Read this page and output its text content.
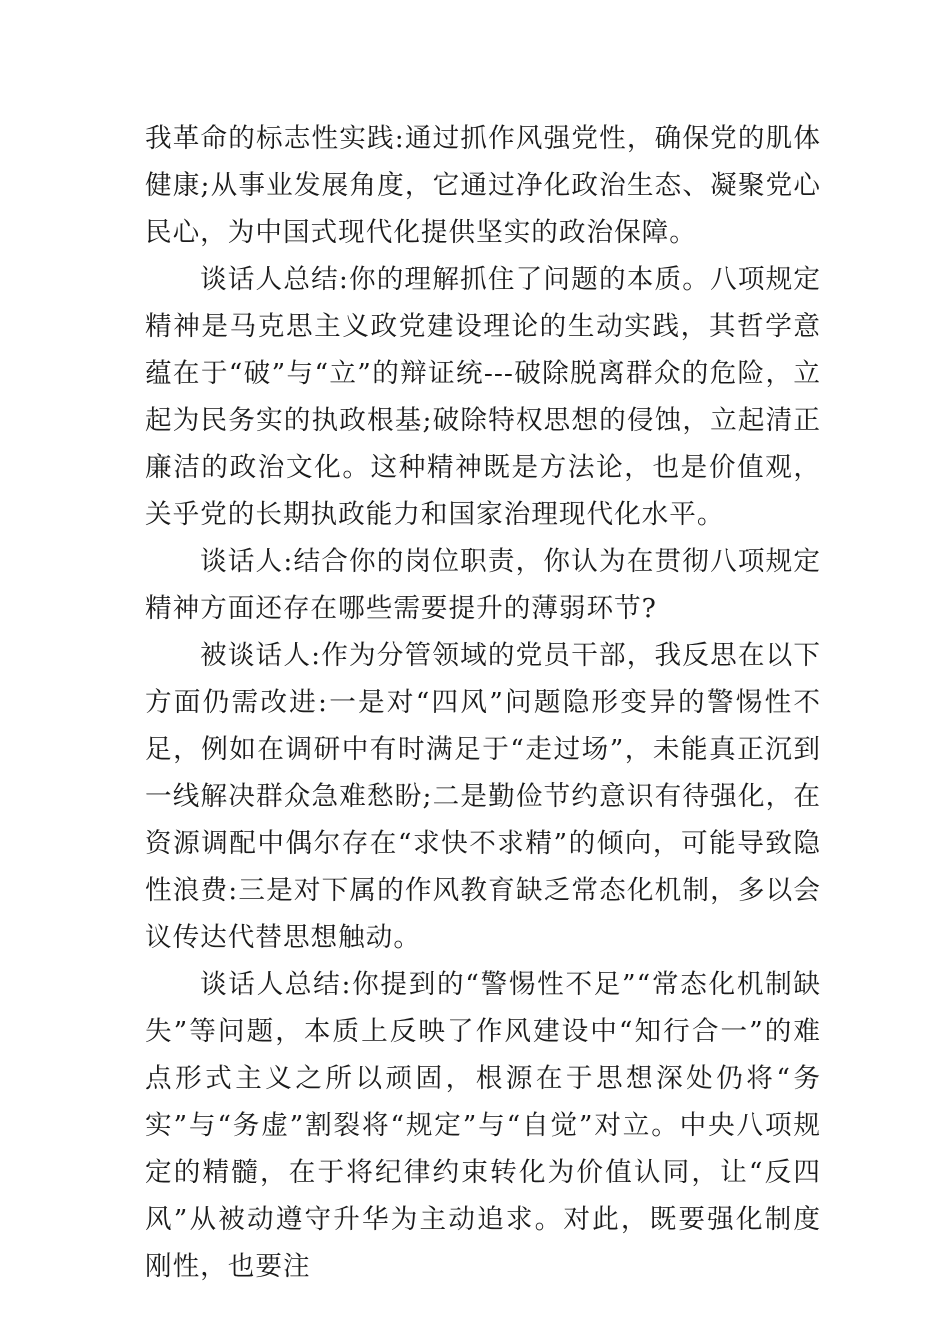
我革命的标志性实践:通过抓作风强党性，确保党的肌体健康;从事业发展角度，它通过净化政治生态、凝聚党心民心，为中国式现代化提供坚实的政治保障。

谈话人总结:你的理解抓住了问题的本质。八项规定精神是马克思主义政党建设理论的生动实践，其哲学意蕴在于“破”与“立”的辩证统---破除脱离群众的危险，立起为民务实的执政根基;破除特权思想的侵蚀，立起清正廉洁的政治文化。这种精神既是方法论，也是价值观，关乎党的长期执政能力和国家治理现代化水平。

谈话人:结合你的岗位职责，你认为在贯彻八项规定精神方面还存在哪些需要提升的薄弱环节?

被谈话人:作为分管领域的党员干部，我反思在以下方面仍需改进:一是对“四风”问题隐形变异的警惕性不足，例如在调研中有时满足于“走过场”，未能真正沉到一线解决群众急难愁盼;二是勤俭节约意识有待强化，在资源调配中偶尔存在“求快不求精”的倾向，可能导致隐性浪费:三是对下属的作风教育缺乏常态化机制，多以会议传达代替思想触动。

谈话人总结:你提到的“警惕性不足”“常态化机制缺失”等问题，本质上反映了作风建设中“知行合一”的难点形式主义之所以顽固，根源在于思想深处仍将“务实”与“务虚”割裂将“规定”与“自觉”对立。中央八项规定的精髓，在于将纪律约束转化为价值认同，让“反四风”从被动遵守升华为主动追求。对此，既要强化制度刚性，也要注
